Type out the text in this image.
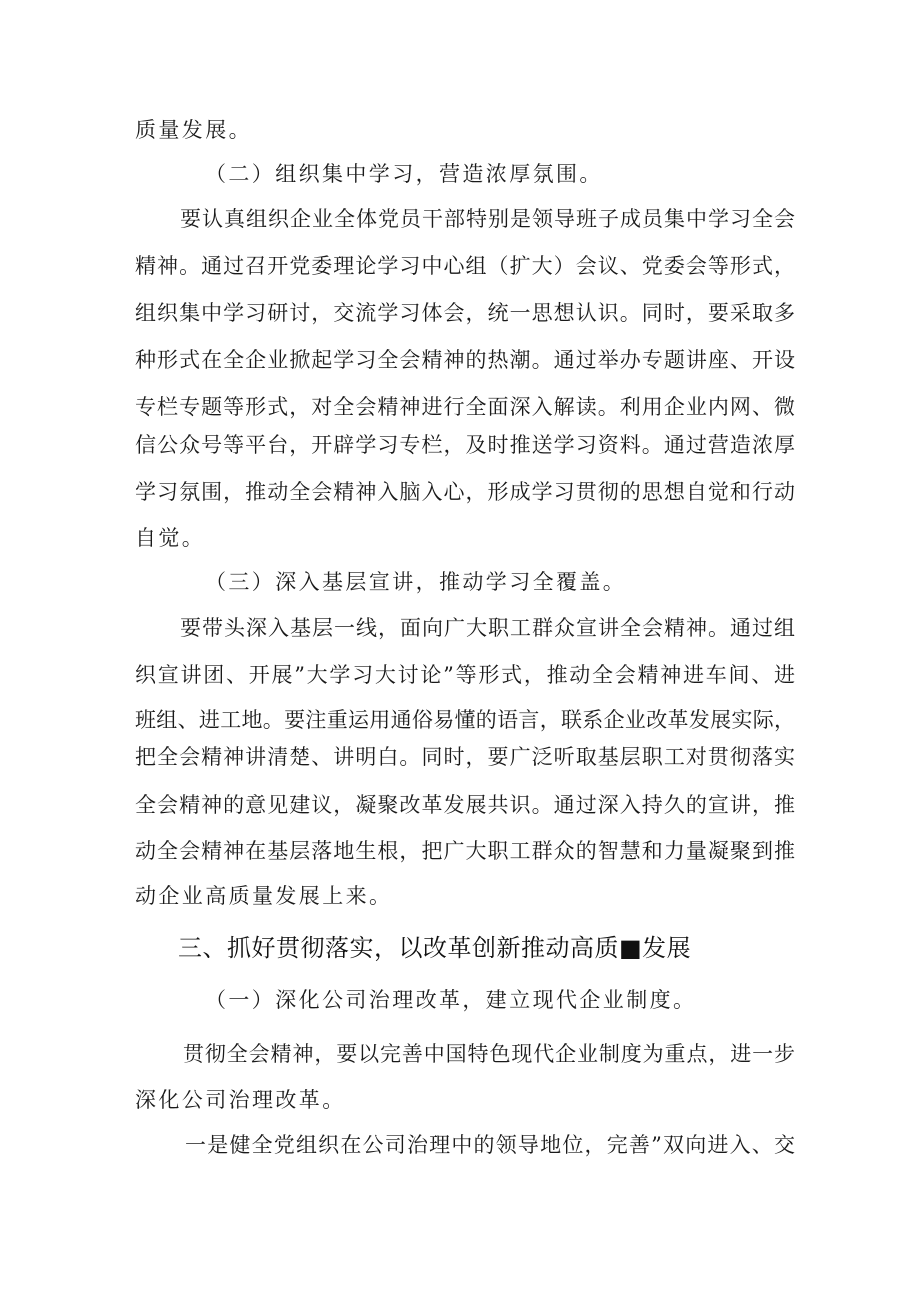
质量发展。
（二）组织集中学习，营造浓厚氛围。
要认真组织企业全体党员干部特别是领导班子成员集中学习全会
精神。通过召开党委理论学习中心组（扩大）会议、党委会等形式，
组织集中学习研讨，交流学习体会，统一思想认识。同时，要采取多
种形式在全企业掀起学习全会精神的热潮。通过举办专题讲座、开设
专栏专题等形式，对全会精神进行全面深入解读。利用企业内网、微
信公众号等平台，开辟学习专栏，及时推送学习资料。通过营造浓厚
学习氛围，推动全会精神入脑入心，形成学习贯彻的思想自觉和行动
自觉。
（三）深入基层宣讲，推动学习全覆盖。
要带头深入基层一线，面向广大职工群众宣讲全会精神。通过组
织宣讲团、开展”大学习大讨论”等形式，推动全会精神进车间、进
班组、进工地。要注重运用通俗易懂的语言，联系企业改革发展实际，
把全会精神讲清楚、讲明白。同时，要广泛听取基层职工对贯彻落实
全会精神的意见建议，凝聚改革发展共识。通过深入持久的宣讲，推
动全会精神在基层落地生根，把广大职工群众的智慧和力量凝聚到推
动企业高质量发展上来。
三、抓好贯彻落实，以改革创新推动高质■发展
（一）深化公司治理改革，建立现代企业制度。
贯彻全会精神，要以完善中国特色现代企业制度为重点，进一步
深化公司治理改革。
一是健全党组织在公司治理中的领导地位，完善”双向进入、交
